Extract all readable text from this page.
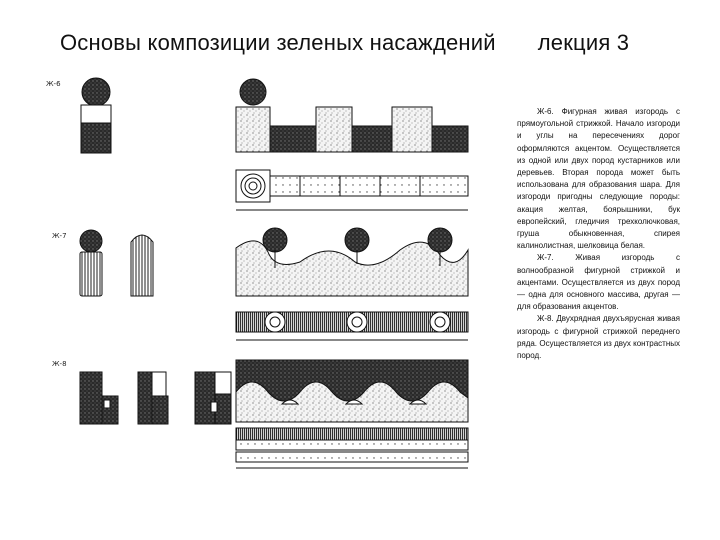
Основы композиции зеленых насаждений лекция 3
Ж-6
Ж-7
Ж-8

Ж-6. Фигурная живая изгородь с прямоугольной стрижкой. Начало изгороди и углы на пересечениях дорог оформляются акцентом. Осуществляется из одной или двух пород кустарников или деревьев. Вторая порода может быть использована для образования шара. Для изгороди пригодны следующие породы: акация желтая, боярышники, бук европейский, гледичия трехколючковая, груша обыкновенная, спирея калинолистная, шелковица белая.

Ж-7. Живая изгородь с волнообразной фигурной стрижкой и акцентами. Осуществляется из двух пород — одна для основного массива, другая — для образования акцентов.

Ж-8. Двухрядная двухъярусная живая изгородь с фигурной стрижкой переднего ряда. Осуществляется из двух контрастных пород.
